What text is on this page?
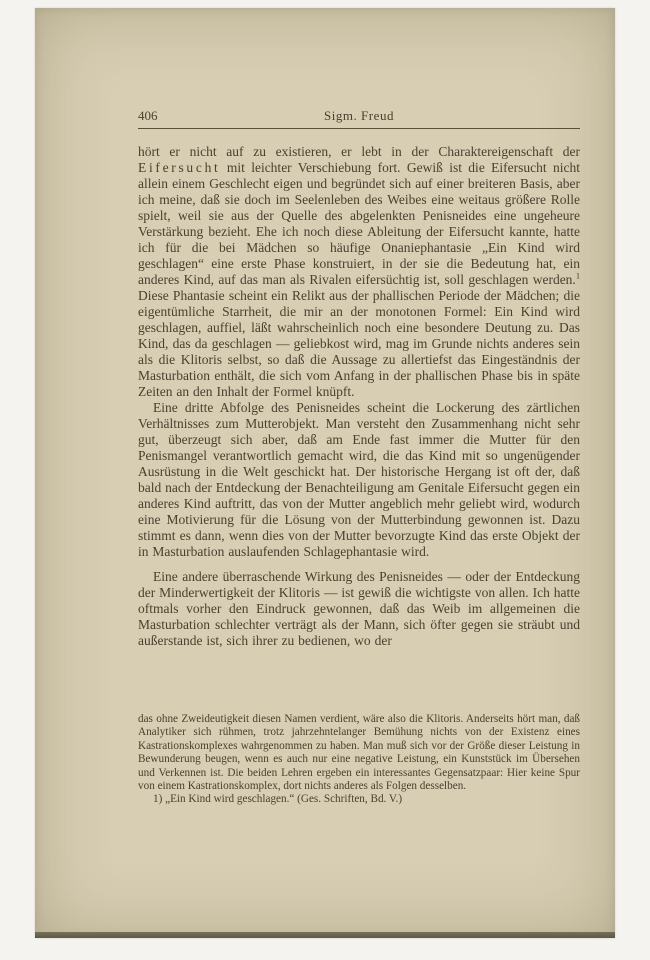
406	Sigm. Freud

hört er nicht auf zu existieren, er lebt in der Charaktereigenschaft der Eifersucht mit leichter Verschiebung fort. Gewiß ist die Eifersucht nicht allein einem Geschlecht eigen und begründet sich auf einer breiteren Basis, aber ich meine, daß sie doch im Seelenleben des Weibes eine weitaus größere Rolle spielt, weil sie aus der Quelle des abgelenkten Penisneides eine ungeheure Verstärkung bezieht. Ehe ich noch diese Ableitung der Eifersucht kannte, hatte ich für die bei Mädchen so häufige Onaniephantasie „Ein Kind wird geschlagen“ eine erste Phase konstruiert, in der sie die Bedeutung hat, ein anderes Kind, auf das man als Rivalen eifersüchtig ist, soll geschlagen werden.$^1$ Diese Phantasie scheint ein Relikt aus der phallischen Periode der Mädchen; die eigentümliche Starrheit, die mir an der monotonen Formel: Ein Kind wird geschlagen, auffiel, läßt wahrscheinlich noch eine besondere Deutung zu. Das Kind, das da geschlagen — geliebkost wird, mag im Grunde nichts anderes sein als die Klitoris selbst, so daß die Aussage zu allertiefst das Eingeständnis der Masturbation enthält, die sich vom Anfang in der phallischen Phase bis in späte Zeiten an den Inhalt der Formel knüpft.

Eine dritte Abfolge des Penisneides scheint die Lockerung des zärtlichen Verhältnisses zum Mutterobjekt. Man versteht den Zusammenhang nicht sehr gut, überzeugt sich aber, daß am Ende fast immer die Mutter für den Penismangel verantwortlich gemacht wird, die das Kind mit so ungenügender Ausrüstung in die Welt geschickt hat. Der historische Hergang ist oft der, daß bald nach der Entdeckung der Benachteiligung am Genitale Eifersucht gegen ein anderes Kind auftritt, das von der Mutter angeblich mehr geliebt wird, wodurch eine Motivierung für die Lösung von der Mutterbindung gewonnen ist. Dazu stimmt es dann, wenn dies von der Mutter bevorzugte Kind das erste Objekt der in Masturbation auslaufenden Schlagephantasie wird.

Eine andere überraschende Wirkung des Penisneides — oder der Entdeckung der Minderwertigkeit der Klitoris — ist gewiß die wichtigste von allen. Ich hatte oftmals vorher den Eindruck gewonnen, daß das Weib im allgemeinen die Masturbation schlechter verträgt als der Mann, sich öfter gegen sie sträubt und außerstande ist, sich ihrer zu bedienen, wo der

das ohne Zweideutigkeit diesen Namen verdient, wäre also die Klitoris. Anderseits hört man, daß Analytiker sich rühmen, trotz jahrzehntelanger Bemühung nichts von der Existenz eines Kastrationskomplexes wahrgenommen zu haben. Man muß sich vor der Größe dieser Leistung in Bewunderung beugen, wenn es auch nur eine negative Leistung, ein Kunststück im Übersehen und Verkennen ist. Die beiden Lehren ergeben ein interessantes Gegensatzpaar: Hier keine Spur von einem Kastrationskomplex, dort nichts anderes als Folgen desselben.

1) „Ein Kind wird geschlagen.“ (Ges. Schriften, Bd. V.)
